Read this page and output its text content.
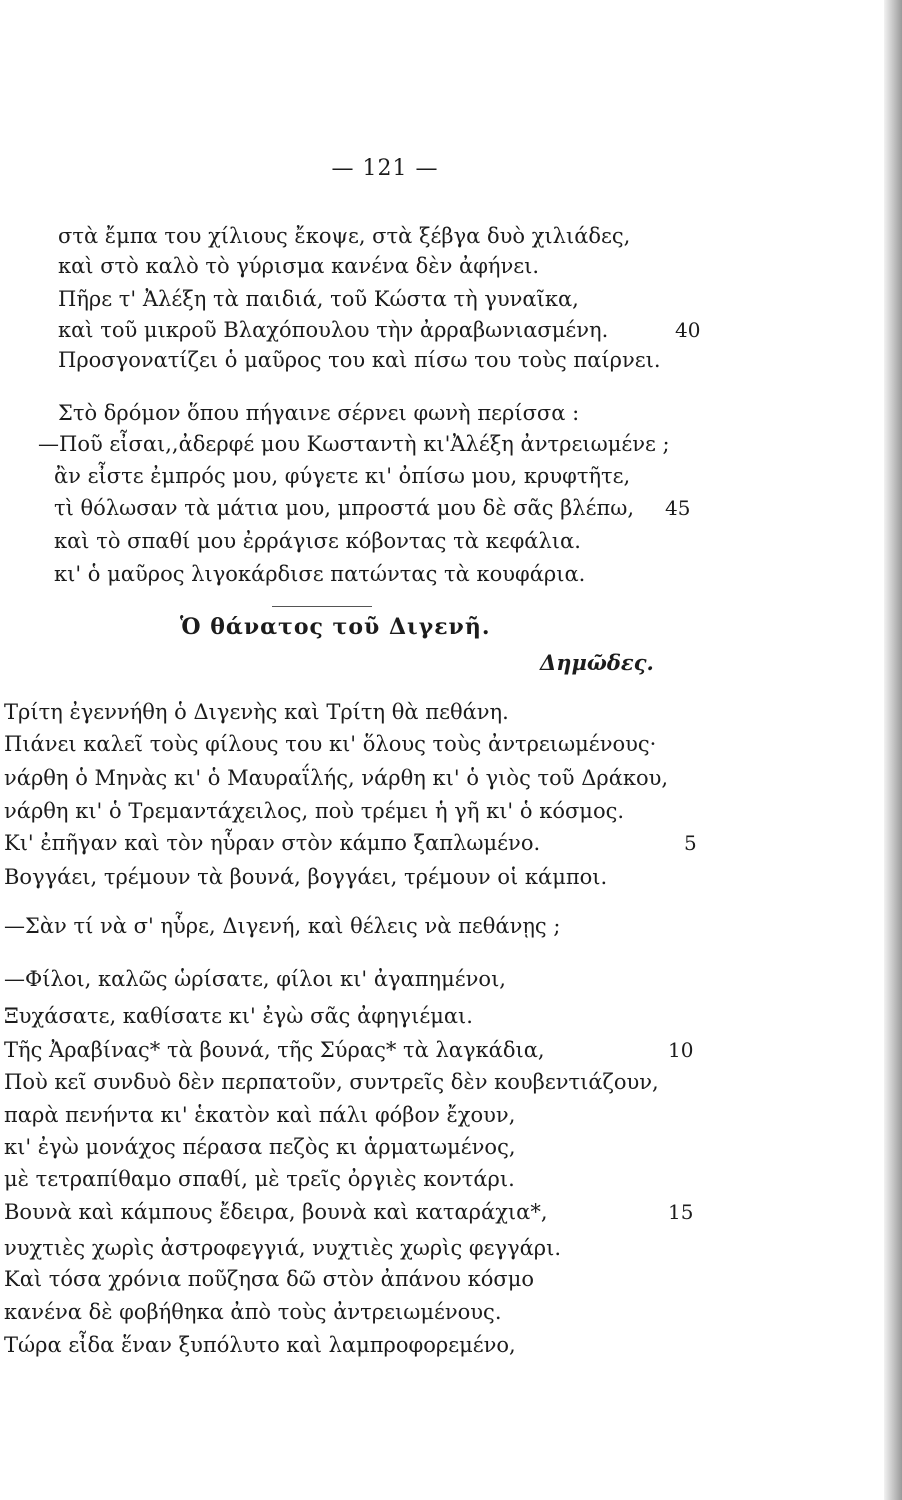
— 121 —
στὰ ἔμπα του χίλιους ἔκοψε, στὰ ξέβγα δυὸ χιλιάδες,
καὶ στὸ καλὸ τὸ γύρισμα κανένα δὲν ἀφήνει.
Πῆρε τ' Ἀλέξη τὰ παιδιά, τοῦ Κώστα τὴ γυναῖκα,
καὶ τοῦ μικροῦ Βλαχόπουλου τὴν ἀρραβωνιασμένη.
Προσγονατίζει ὁ μαῦρος του καὶ πίσω του τοὺς παίρνει.
40
Στὸ δρόμον ὅπου πήγαινε σέρνει φωνὴ περίσσα :
—Ποῦ εἶσαι,,ἀδερφέ μου Κωσταντὴ κι'Ἀλέξη ἀντρειωμένε ;
ἂν εἶστε ἐμπρός μου, φύγετε κι' ὀπίσω μου, κρυφτῆτε,
τὶ θόλωσαν τὰ μάτια μου, μπροστά μου δὲ σᾶς βλέπω,
καὶ τὸ σπαθί μου ἐρράγισε κόβοντας τὰ κεφάλια.
κι' ὁ μαῦρος λιγοκάρδισε πατώντας τὰ κουφάρια.
45
Ὁ θάνατος τοῦ Διγενῆ.
Δημῶδες.
Τρίτη ἐγεννήθη ὁ Διγενὴς καὶ Τρίτη θὰ πεθάνη.
Πιάνει καλεῖ τοὺς φίλους του κι' ὅλους τοὺς ἀντρειωμένους·
νάρθη ὁ Μηνὰς κι' ὁ Μαυραΐλής, νάρθη κι' ὁ γιὸς τοῦ Δράκου,
νάρθη κι' ὁ Τρεμαντάχειλος, ποὺ τρέμει ἡ γῆ κι' ὁ κόσμος.
Κι' ἐπῆγαν καὶ τὸν ηὗραν στὸν κάμπο ξαπλωμένο.
Βογγάει, τρέμουν τὰ βουνά, βογγάει, τρέμουν οἱ κάμποι.
5
—Σὰν τί νὰ σ' ηὗρε, Διγενή, καὶ θέλεις νὰ πεθάνῃς ;
—Φίλοι, καλῶς ὡρίσατε, φίλοι κι' ἀγαπημένοι,
Ξυχάσατε, καθίσατε κι' ἐγὼ σᾶς ἀφηγιέμαι.
Τῆς Ἀραβίνας* τὰ βουνά, τῆς Σύρας* τὰ λαγκάδια,
Ποὺ κεῖ συνδυὸ δὲν περπατοῦν, συντρεῖς δὲν κουβεντιάζουν,
παρὰ πενήντα κι' ἑκατὸν καὶ πάλι φόβον ἔχουν,
κι' ἐγὼ μονάχος πέρασα πεζὸς κι ἁρματωμένος,
μὲ τετραπίθαμο σπαθί, μὲ τρεῖς ὀργιὲς κοντάρι.
Βουνὰ καὶ κάμπους ἔδειρα, βουνὰ καὶ καταράχια*,
νυχτιὲς χωρὶς ἀστροφεγγιά, νυχτιὲς χωρὶς φεγγάρι.
Καὶ τόσα χρόνια ποῦζησα δῶ στὸν ἀπάνου κόσμο
κανένα δὲ φοβήθηκα ἀπὸ τοὺς ἀντρειωμένους.
Τώρα εἶδα ἕναν ξυπόλυτο καὶ λαμπροφορεμένο,
10
15
